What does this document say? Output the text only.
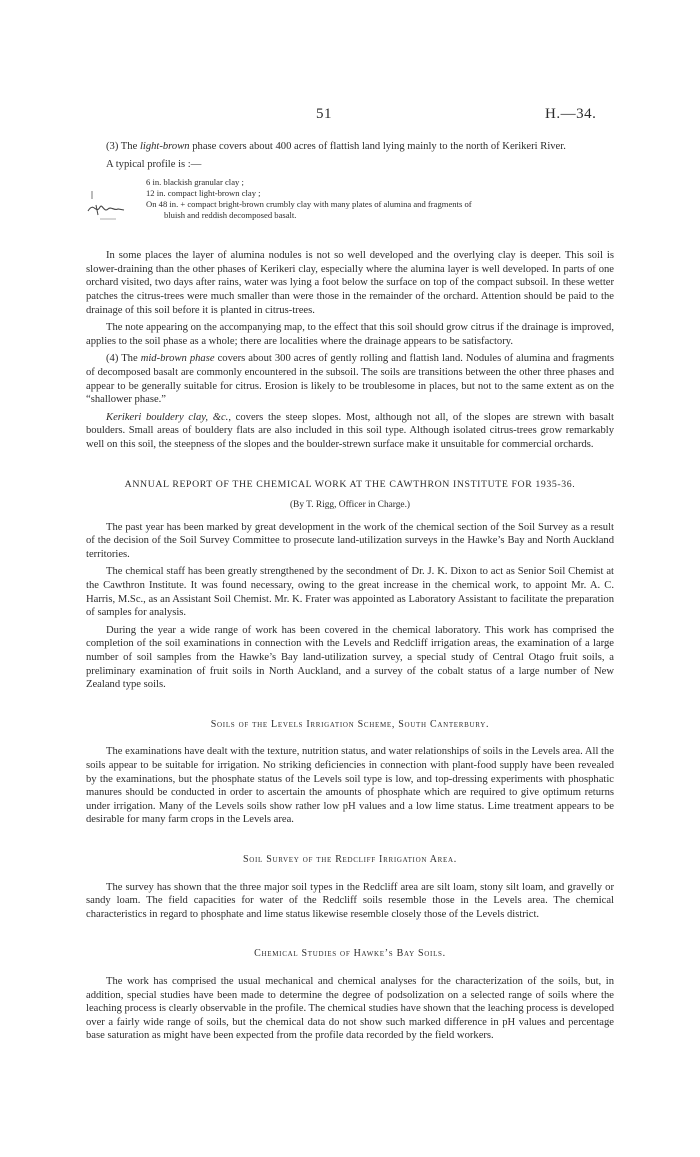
51	H.—34.

(3) The light-brown phase covers about 400 acres of flattish land lying mainly to the north of Kerikeri River.

A typical profile is :—

6 in. blackish granular clay ;
12 in. compact light-brown clay ;
On 48 in. + compact bright-brown crumbly clay with many plates of alumina and fragments of
bluish and reddish decomposed basalt.

In some places the layer of alumina nodules is not so well developed and the overlying clay is deeper. This soil is slower-draining than the other phases of Kerikeri clay, especially where the alumina layer is well developed. In parts of one orchard visited, two days after rains, water was lying a foot below the surface on top of the compact subsoil. In these wetter patches the citrus-trees were much smaller than were those in the remainder of the orchard. Attention should be paid to the drainage of this soil before it is planted in citrus-trees.

The note appearing on the accompanying map, to the effect that this soil should grow citrus if the drainage is improved, applies to the soil phase as a whole; there are localities where the drainage appears to be satisfactory.

(4) The mid-brown phase covers about 300 acres of gently rolling and flattish land. Nodules of alumina and fragments of decomposed basalt are commonly encountered in the subsoil. The soils are transitions between the other three phases and appear to be generally suitable for citrus. Erosion is likely to be troublesome in places, but not to the same extent as on the “shallower phase.”

Kerikeri bouldery clay, &c., covers the steep slopes. Most, although not all, of the slopes are strewn with basalt boulders. Small areas of bouldery flats are also included in this soil type. Although isolated citrus-trees grow remarkably well on this soil, the steepness of the slopes and the boulder-strewn surface make it unsuitable for commercial orchards.

ANNUAL REPORT OF THE CHEMICAL WORK AT THE CAWTHRON INSTITUTE FOR 1935-36.
(By T. Rigg, Officer in Charge.)

The past year has been marked by great development in the work of the chemical section of the Soil Survey as a result of the decision of the Soil Survey Committee to prosecute land-utilization surveys in the Hawke’s Bay and North Auckland territories.

The chemical staff has been greatly strengthened by the secondment of Dr. J. K. Dixon to act as Senior Soil Chemist at the Cawthron Institute. It was found necessary, owing to the great increase in the chemical work, to appoint Mr. A. C. Harris, M.Sc., as an Assistant Soil Chemist. Mr. K. Frater was appointed as Laboratory Assistant to facilitate the preparation of samples for analysis.

During the year a wide range of work has been covered in the chemical laboratory. This work has comprised the completion of the soil examinations in connection with the Levels and Redcliff irrigation areas, the examination of a large number of soil samples from the Hawke’s Bay land-utilization survey, a special study of Central Otago fruit soils, a preliminary examination of fruit soils in North Auckland, and a survey of the cobalt status of a large number of New Zealand type soils.

Soils of the Levels Irrigation Scheme, South Canterbury.

The examinations have dealt with the texture, nutrition status, and water relationships of soils in the Levels area. All the soils appear to be suitable for irrigation. No striking deficiencies in connection with plant-food supply have been revealed by the examinations, but the phosphate status of the Levels soil type is low, and top-dressing experiments with phosphatic manures should be conducted in order to ascertain the amounts of phosphate which are required to give optimum returns under irrigation. Many of the Levels soils show rather low pH values and a low lime status. Lime treatment appears to be desirable for many farm crops in the Levels area.

Soil Survey of the Redcliff Irrigation Area.

The survey has shown that the three major soil types in the Redcliff area are silt loam, stony silt loam, and gravelly or sandy loam. The field capacities for water of the Redcliff soils resemble those in the Levels area. The chemical characteristics in regard to phosphate and lime status likewise resemble closely those of the Levels district.

Chemical Studies of Hawke’s Bay Soils.

The work has comprised the usual mechanical and chemical analyses for the characterization of the soils, but, in addition, special studies have been made to determine the degree of podsolization on a selected range of soils where the leaching process is clearly observable in the profile. The chemical studies have shown that the leaching process is developed over a fairly wide range of soils, but the chemical data do not show such marked difference in pH values and percentage base saturation as might have been expected from the profile data recorded by the field workers.
